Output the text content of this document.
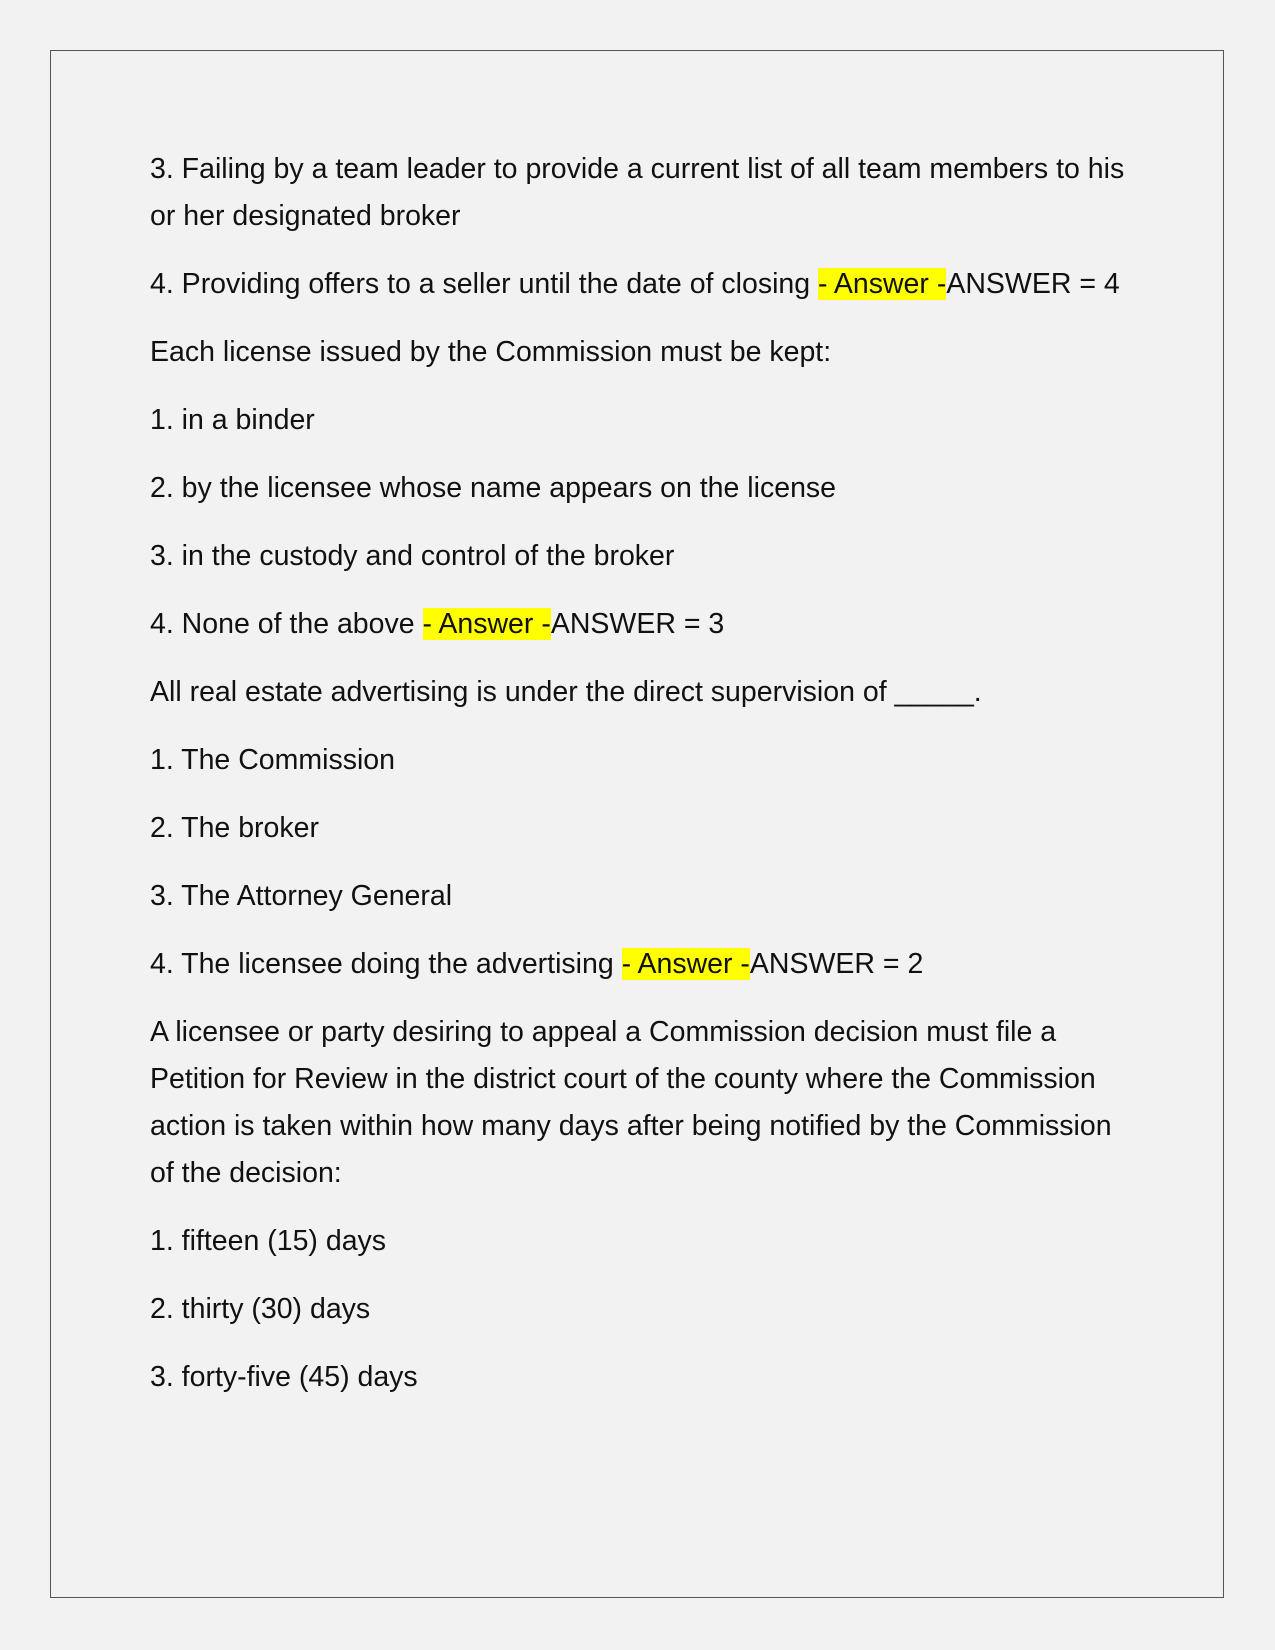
3. Failing by a team leader to provide a current list of all team members to his or her designated broker

4. Providing offers to a seller until the date of closing - Answer -ANSWER = 4

Each license issued by the Commission must be kept:

1. in a binder

2. by the licensee whose name appears on the license

3. in the custody and control of the broker

4. None of the above - Answer -ANSWER = 3

All real estate advertising is under the direct supervision of _____.

1. The Commission

2. The broker

3. The Attorney General

4. The licensee doing the advertising - Answer -ANSWER = 2

A licensee or party desiring to appeal a Commission decision must file a Petition for Review in the district court of the county where the Commission action is taken within how many days after being notified by the Commission of the decision:

1. fifteen (15) days

2. thirty (30) days

3. forty-five (45) days
